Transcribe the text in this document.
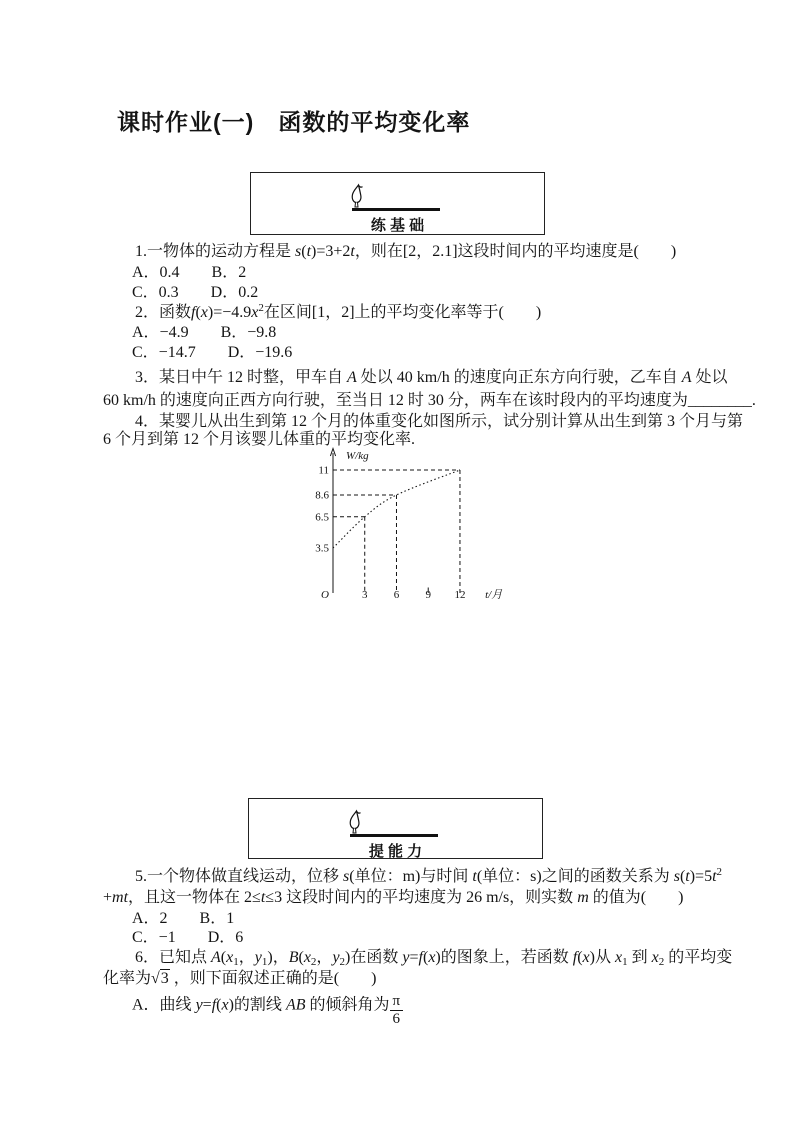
课时作业(一)　函数的平均变化率
练 基 础
1.一物体的运动方程是 s(t)=3+2t，则在[2，2.1]这段时间内的平均速度是(　　)
A．0.4　　B．2
C．0.3　　D．0.2
2．函数$f(x)=-4.9x^2$在区间[1，2]上的平均变化率等于(　　)
A．−4.9　　B．−9.8
C．−14.7　　D．−19.6
3．某日中午 12 时整，甲车自 A 处以 40 km/h 的速度向正东方向行驶，乙车自 A 处以
60 km/h 的速度向正西方向行驶，至当日 12 时 30 分，两车在该时段内的平均速度为________.
4．某婴儿从出生到第 12 个月的体重变化如图所示，试分别计算从出生到第 3 个月与第
6 个月到第 12 个月该婴儿体重的平均变化率.
W/kg
3.5
6.5
8.6
11
3 6 9 12
O	t/月
提 能 力
5.一个物体做直线运动，位移 s(单位：m)与时间 t(单位：s)之间的函数关系为 $s(t)=5t^2$
+mt，且这一物体在 2≤t≤3 这段时间内的平均速度为 26 m/s，则实数 m 的值为(　　)
A．2　　B．1
C．−1　　D．6
6．已知点 $A(x_1$，$y_1$)，$B(x_2$，$y_2$)在函数 y=f(x)的图象上，若函数 f(x)从 $x_1$ 到 $x_2$ 的平均变
化率为√3 ，则下面叙述正确的是(　　)
A．曲线 y=f(x)的割线 AB 的倾斜角为 $\frac{\pi}{6}$
